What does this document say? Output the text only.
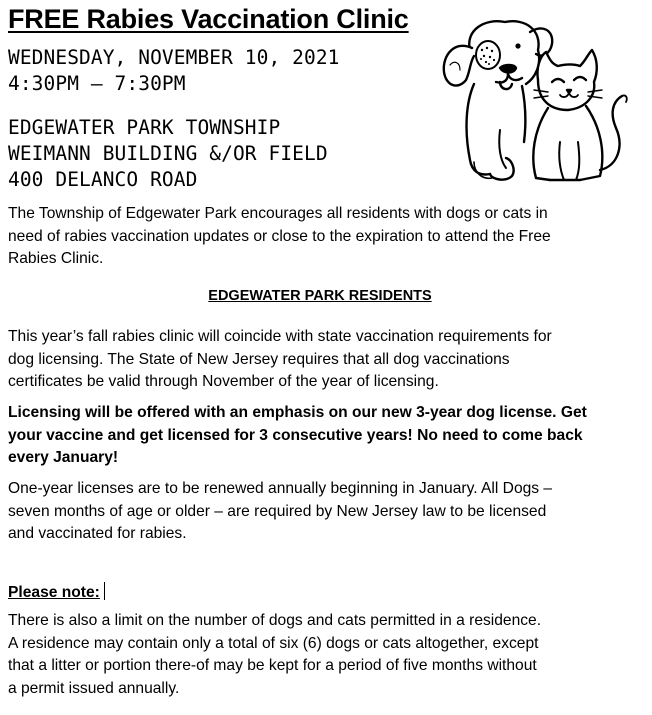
FREE Rabies Vaccination Clinic
WEDNESDAY, NOVEMBER 10, 2021
4:30PM – 7:30PM
EDGEWATER PARK TOWNSHIP
WEIMANN BUILDING &/OR FIELD
400 DELANCO ROAD
The Township of Edgewater Park encourages all residents with dogs or cats in
need of rabies vaccination updates or close to the expiration to attend the Free
Rabies Clinic.
EDGEWATER PARK RESIDENTS
This year’s fall rabies clinic will coincide with state vaccination requirements for
dog licensing. The State of New Jersey requires that all dog vaccinations
certificates be valid through November of the year of licensing.
Licensing will be offered with an emphasis on our new 3-year dog license. Get
your vaccine and get licensed for 3 consecutive years! No need to come back
every January!
One-year licenses are to be renewed annually beginning in January. All Dogs –
seven months of age or older – are required by New Jersey law to be licensed
and vaccinated for rabies.
Please note:
There is also a limit on the number of dogs and cats permitted in a residence.
A residence may contain only a total of six (6) dogs or cats altogether, except
that a litter or portion there-of may be kept for a period of five months without
a permit issued annually.
